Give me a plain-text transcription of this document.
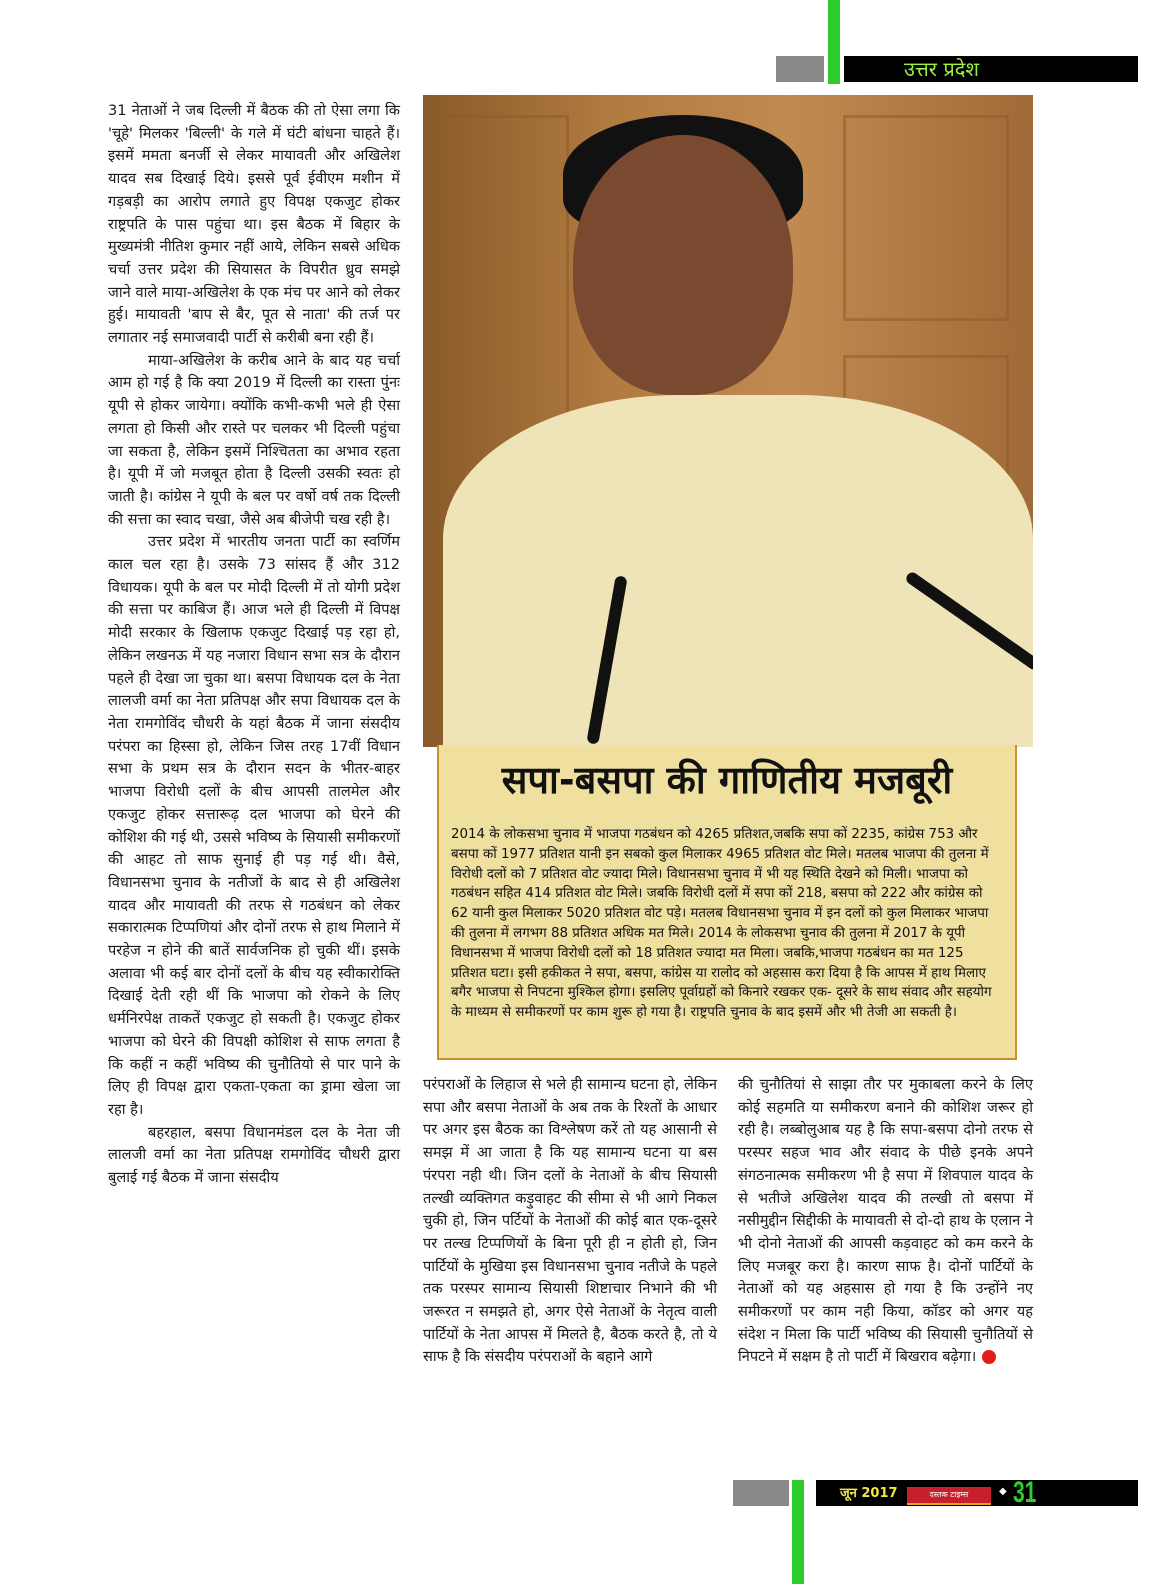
उत्तर प्रदेश

31 नेताओं ने जब दिल्ली में बैठक की तो ऐसा लगा कि 'चूहे' मिलकर 'बिल्ली' के गले में घंटी बांधना चाहते हैं। इसमें ममता बनर्जी से लेकर मायावती और अखिलेश यादव सब दिखाई दिये। इससे पूर्व ईवीएम मशीन में गड़बड़ी का आरोप लगाते हुए विपक्ष एकजुट होकर राष्ट्रपति के पास पहुंचा था। इस बैठक में बिहार के मुख्यमंत्री नीतिश कुमार नहीं आये, लेकिन सबसे अधिक चर्चा उत्तर प्रदेश की सियासत के विपरीत ध्रुव समझे जाने वाले माया-अखिलेश के एक मंच पर आने को लेकर हुई। मायावती 'बाप से बैर, पूत से नाता' की तर्ज पर लगातार नई समाजवादी पार्टी से करीबी बना रही हैं।

माया-अखिलेश के करीब आने के बाद यह चर्चा आम हो गई है कि क्या 2019 में दिल्ली का रास्ता पुंनः यूपी से होकर जायेगा। क्योंकि कभी-कभी भले ही ऐसा लगता हो किसी और रास्ते पर चलकर भी दिल्ली पहुंचा जा सकता है, लेकिन इसमें निश्चितता का अभाव रहता है। यूपी में जो मजबूत होता है दिल्ली उसकी स्वतः हो जाती है। कांग्रेस ने यूपी के बल पर वर्षो वर्ष तक दिल्ली की सत्ता का स्वाद चखा, जैसे अब बीजेपी चख रही है।

उत्तर प्रदेश में भारतीय जनता पार्टी का स्वर्णिम काल चल रहा है। उसके 73 सांसद हैं और 312 विधायक। यूपी के बल पर मोदी दिल्ली में तो योगी प्रदेश की सत्ता पर काबिज हैं। आज भले ही दिल्ली में विपक्ष मोदी सरकार के खिलाफ एकजुट दिखाई पड़ रहा हो, लेकिन लखनऊ में यह नजारा विधान सभा सत्र के दौरान पहले ही देखा जा चुका था। बसपा विधायक दल के नेता लालजी वर्मा का नेता प्रतिपक्ष और सपा विधायक दल के नेता रामगोविंद चौधरी के यहां बैठक में जाना संसदीय परंपरा का हिस्सा हो, लेकिन जिस तरह 17वीं विधान सभा के प्रथम सत्र के दौरान सदन के भीतर-बाहर भाजपा विरोधी दलों के बीच आपसी तालमेल और एकजुट होकर सत्तारूढ़ दल भाजपा को घेरने की कोशिश की गई थी, उससे भविष्य के सियासी समीकरणों की आहट तो साफ सुनाई ही पड़ गई थी। वैसे, विधानसभा चुनाव के नतीजों के बाद से ही अखिलेश यादव और मायावती की तरफ से गठबंधन को लेकर सकारात्मक टिप्पणियां और दोनों तरफ से हाथ मिलाने में परहेज न होने की बातें सार्वजनिक हो चुकी थीं। इसके अलावा भी कई बार दोनों दलों के बीच यह स्वीकारोक्ति दिखाई देती रही थीं कि भाजपा को रोकने के लिए धर्मनिरपेक्ष ताकतें एकजुट हो सकती है। एकजुट होकर भाजपा को घेरने की विपक्षी कोशिश से साफ लगता है कि कहीं न कहीं भविष्य की चुनौतियो से पार पाने के लिए ही विपक्ष द्वारा एकता-एकता का ड्रामा खेला जा रहा है।

बहरहाल, बसपा विधानमंडल दल के नेता जी लालजी वर्मा का नेता प्रतिपक्ष रामगोविंद चौधरी द्वारा बुलाई गई बैठक में जाना संसदीय

सपा-बसपा की गाणितीय मजबूरी
2014 के लोकसभा चुनाव में भाजपा गठबंधन को 4265 प्रतिशत,जबकि सपा कों 2235, कांग्रेस 753 और बसपा कों 1977 प्रतिशत यानी इन सबको कुल मिलाकर 4965 प्रतिशत वोट मिले। मतलब भाजपा की तुलना में विरोधी दलों को 7 प्रतिशत वोट ज्यादा मिले। विधानसभा चुनाव में भी यह स्थिति देखने को मिली। भाजपा को गठबंधन सहित 414 प्रतिशत वोट मिले। जबकि विरोधी दलों में सपा कों 218, बसपा को 222 और कांग्रेस को 62 यानी कुल मिलाकर 5020 प्रतिशत वोट पड़े। मतलब विधानसभा चुनाव में इन दलों को कुल मिलाकर भाजपा की तुलना में लगभग 88 प्रतिशत अधिक मत मिले। 2014 के लोकसभा चुनाव की तुलना में 2017 के यूपी विधानसभा में भाजपा विरोधी दलों को 18 प्रतिशत ज्यादा मत मिला। जबकि,भाजपा गठबंधन का मत 125 प्रतिशत घटा। इसी हकीकत ने सपा, बसपा, कांग्रेस या रालोद को अहसास करा दिया है कि आपस में हाथ मिलाए बगैर भाजपा से निपटना मुश्किल होगा। इसलिए पूर्वाग्रहों को किनारे रखकर एक- दूसरे के साथ संवाद और सहयोग के माध्यम से समीकरणों पर काम शुरू हो गया है। राष्ट्रपति चुनाव के बाद इसमें और भी तेजी आ सकती है।

परंपराओं के लिहाज से भले ही सामान्य घटना हो, लेकिन सपा और बसपा नेताओं के अब तक के रिश्तों के आधार पर अगर इस बैठक का विश्लेषण करें तो यह आसानी से समझ में आ जाता है कि यह सामान्य घटना या बस पंरपरा नही थी। जिन दलों के नेताओं के बीच सियासी तल्खी व्यक्तिगत कड़ुवाहट की सीमा से भी आगे निकल चुकी हो, जिन पर्टियों के नेताओं की कोई बात एक-दूसरे पर तल्ख टिप्पणियों के बिना पूरी ही न होती हो, जिन पार्टियों के मुखिया इस विधानसभा चुनाव नतीजे के पहले तक परस्पर सामान्य सियासी शिष्टाचार निभाने की भी जरूरत न समझते हो, अगर ऐसे नेताओं के नेतृत्व वाली पार्टियों के नेता आपस में मिलते है, बैठक करते है, तो ये साफ है कि संसदीय परंपराओं के बहाने आगे

की चुनौतियां से साझा तौर पर मुकाबला करने के लिए कोई सहमति या समीकरण बनाने की कोशिश जरूर हो रही है। लब्बोलुआब यह है कि सपा-बसपा दोनो तरफ से परस्पर सहज भाव और संवाद के पीछे इनके अपने संगठनात्मक समीकरण भी है सपा में शिवपाल यादव के से भतीजे अखिलेश यादव की तल्खी तो बसपा में नसीमुद्दीन सिद्दीकी के मायावती से दो-दो हाथ के एलान ने भी दोनो नेताओं की आपसी कड़वाहट को कम करने के लिए मजबूर करा है। कारण साफ है। दोनों पार्टियों के नेताओं को यह अहसास हो गया है कि उन्होंने नए समीकरणों पर काम नही किया, कॉडर को अगर यह संदेश न मिला कि पार्टी भविष्य की सियासी चुनौतियों से निपटने में सक्षम है तो पार्टी में बिखराव बढ़ेगा।

जून 2017	दस्तक टाइम्स	◆ 31
